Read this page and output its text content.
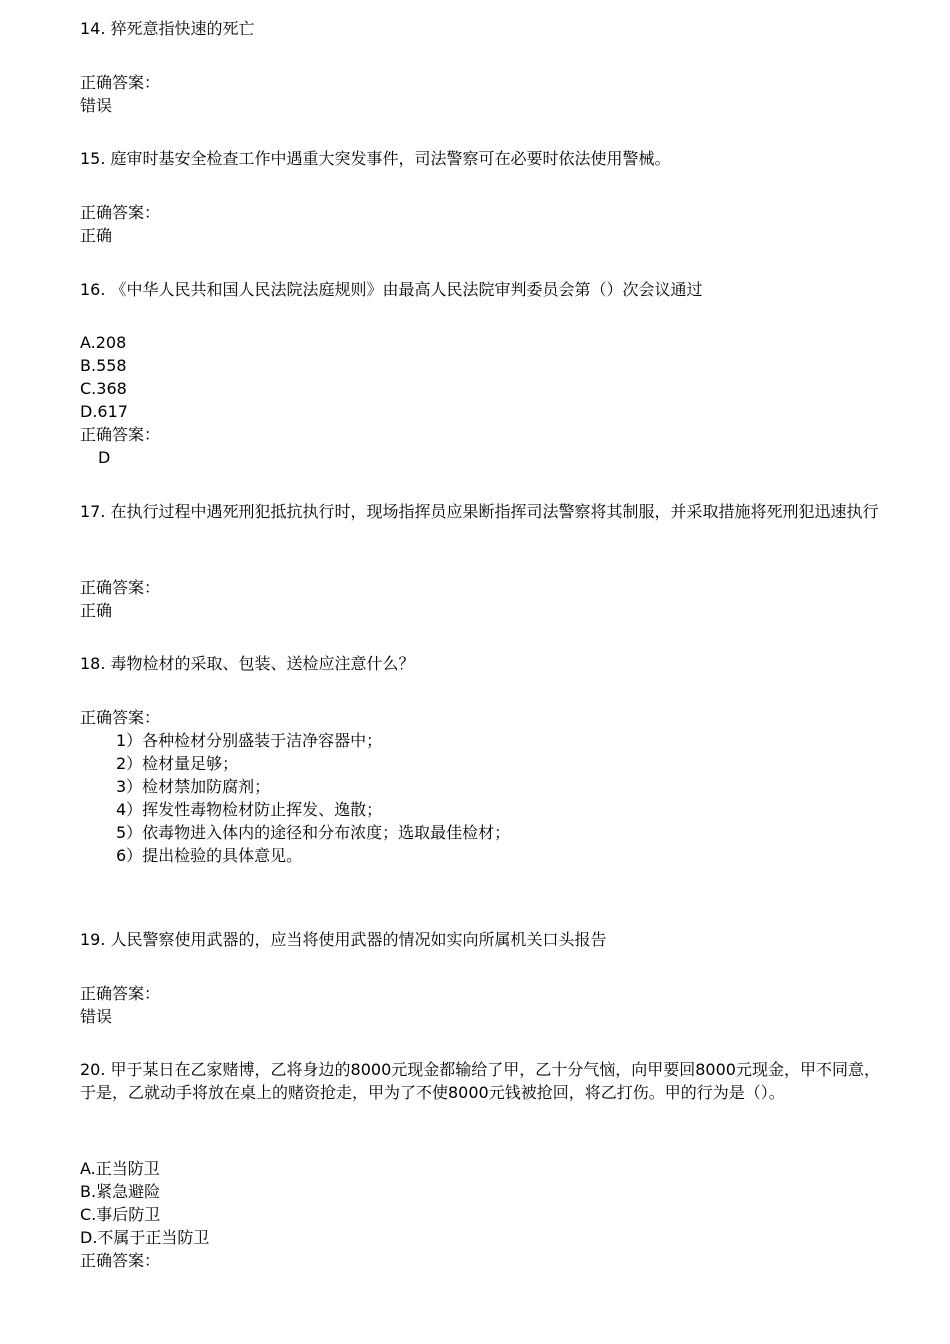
14. 猝死意指快速的死亡
正确答案：
错误
15. 庭审时基安全检查工作中遇重大突发事件，司法警察可在必要时依法使用警械。
正确答案：
正确
16. 《中华人民共和国人民法院法庭规则》由最高人民法院审判委员会第（）次会议通过
A.208
B.558
C.368
D.617
正确答案：
D
17. 在执行过程中遇死刑犯抵抗执行时，现场指挥员应果断指挥司法警察将其制服，并采取措施将死刑犯迅速执行
正确答案：
正确
18. 毒物检材的采取、包装、送检应注意什么？
正确答案：
1）各种检材分别盛装于洁净容器中；
2）检材量足够；
3）检材禁加防腐剂；
4）挥发性毒物检材防止挥发、逸散；
5）依毒物进入体内的途径和分布浓度；选取最佳检材；
6）提出检验的具体意见。
19. 人民警察使用武器的，应当将使用武器的情况如实向所属机关口头报告
正确答案：
错误
20. 甲于某日在乙家赌博，乙将身边的8000元现金都输给了甲，乙十分气恼，向甲要回8000元现金，甲不同意，于是，乙就动手将放在桌上的赌资抢走，甲为了不使8000元钱被抢回，将乙打伤。甲的行为是（）。
A.正当防卫
B.紧急避险
C.事后防卫
D.不属于正当防卫
正确答案：
